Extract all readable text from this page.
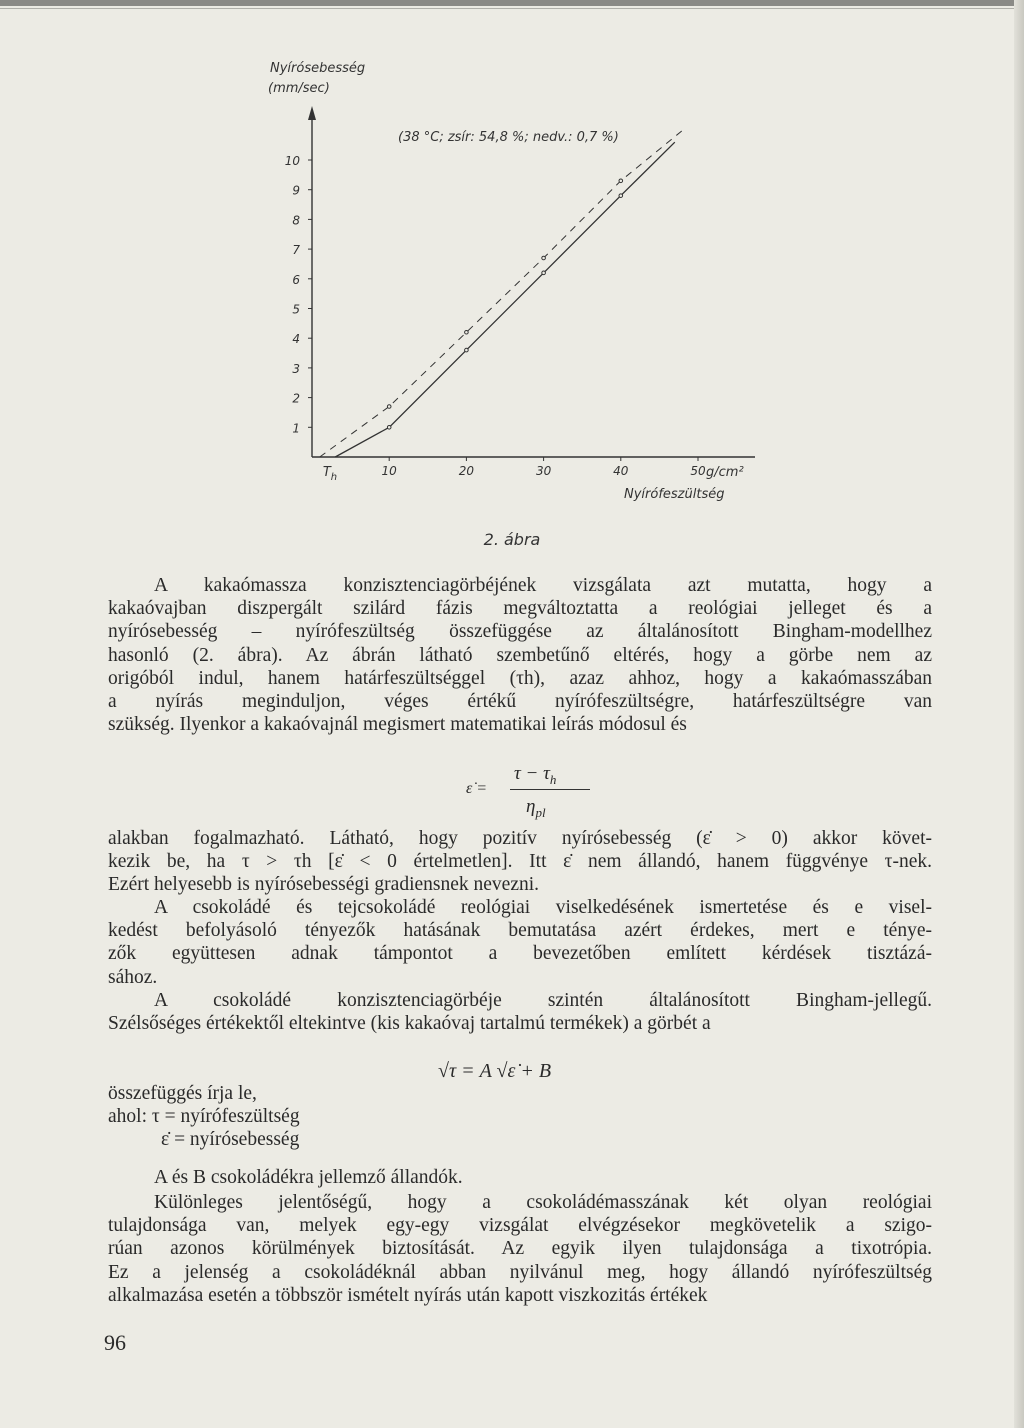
1
2
3
4
5
6
7
8
9
10
10	20	30	40	50
Nyírósebesség
(mm/sec)
(38 °C; zsír: 54,8 %; nedv.: 0,7 %)
g/cm²
Nyírófeszültség
$T_h$
2. ábra
A kakaómassza konzisztenciagörbéjének vizsgálata azt mutatta, hogy a
kakaóvajban diszpergált szilárd fázis megváltoztatta a reológiai jelleget és a
nyírósebesség – nyírófeszültség összefüggése az általánosított Bingham-modellhez
hasonló (2. ábra). Az ábrán látható szembetűnő eltérés, hogy a görbe nem az
origóból indul, hanem határfeszültséggel (τh), azaz ahhoz, hogy a kakaómasszában
a nyírás meginduljon, véges értékű nyírófeszültségre, határfeszültségre van
szükség. Ilyenkor a kakaóvajnál megismert matematikai leírás módosul és
ε̇ =
$\tau - \tau_h$
$\eta_{pl}$
alakban fogalmazható. Látható, hogy pozitív nyírósebesség (ε̇ > 0) akkor követ-
kezik be, ha τ > τh [ε̇ < 0 értelmetlen]. Itt ε̇ nem állandó, hanem függvénye τ-nek.
Ezért helyesebb is nyírósebességi gradiensnek nevezni.
A csokoládé és tejcsokoládé reológiai viselkedésének ismertetése és e visel-
kedést befolyásoló tényezők hatásának bemutatása azért érdekes, mert e ténye-
zők együttesen adnak támpontot a bevezetőben említett kérdések tisztázá-
sához.
A csokoládé konzisztenciagörbéje szintén általánosított Bingham-jellegű.
Szélsőséges értékektől eltekintve (kis kakaóvaj tartalmú termékek) a görbét a
√τ = A √ε̇ + B
összefüggés írja le,
ahol: τ = nyírófeszültség
ε̇ = nyírósebesség
A és B csokoládékra jellemző állandók.
Különleges jelentőségű, hogy a csokoládémasszának két olyan reológiai
tulajdonsága van, melyek egy-egy vizsgálat elvégzésekor megkövetelik a szigo-
rúan azonos körülmények biztosítását. Az egyik ilyen tulajdonsága a tixotrópia.
Ez a jelenség a csokoládéknál abban nyilvánul meg, hogy állandó nyírófeszültség
alkalmazása esetén a többször ismételt nyírás után kapott viszkozitás értékek
96
